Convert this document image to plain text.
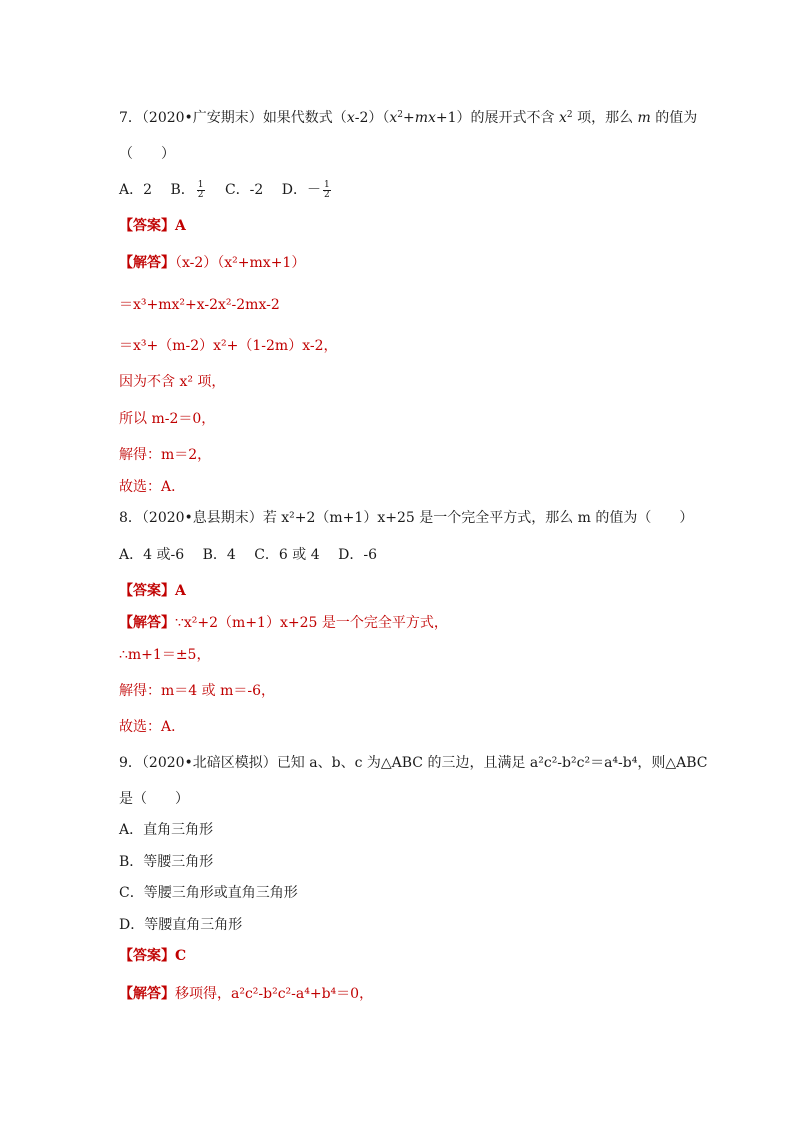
7．（2020•广安期末）如果代数式$(x-2)(x^2+mx+1)$的展开式不含 $x^2$ 项，那么 m 的值为
（　　）
A．2 B． $\frac{1}{2}$ C．-2 D．－ $\frac{1}{2}$
【答案】A
【解答】（x-2）（x²+mx+1）
＝x³+mx²+x-2x²-2mx-2
＝x³+（m-2）x²+（1-2m）x-2，
因为不含 x² 项，
所以 m-2＝0，
解得：m＝2，
故选：A．
8．（2020•息县期末）若 x²+2（m+1）x+25 是一个完全平方式，那么 m 的值为（　　）
A．4 或-6 B．4 C．6 或 4 D．-6
【答案】A
【解答】∵x²+2（m+1）x+25 是一个完全平方式，
∴m+1＝±5，
解得：m＝4 或 m＝-6，
故选：A．
9．（2020•北碚区模拟）已知 a、b、c 为△ABC 的三边，且满足 a²c²-b²c²＝a⁴-b⁴，则△ABC
是（　　）
A．直角三角形
B．等腰三角形
C．等腰三角形或直角三角形
D．等腰直角三角形
【答案】C
【解答】移项得，a²c²-b²c²-a⁴+b⁴＝0，
